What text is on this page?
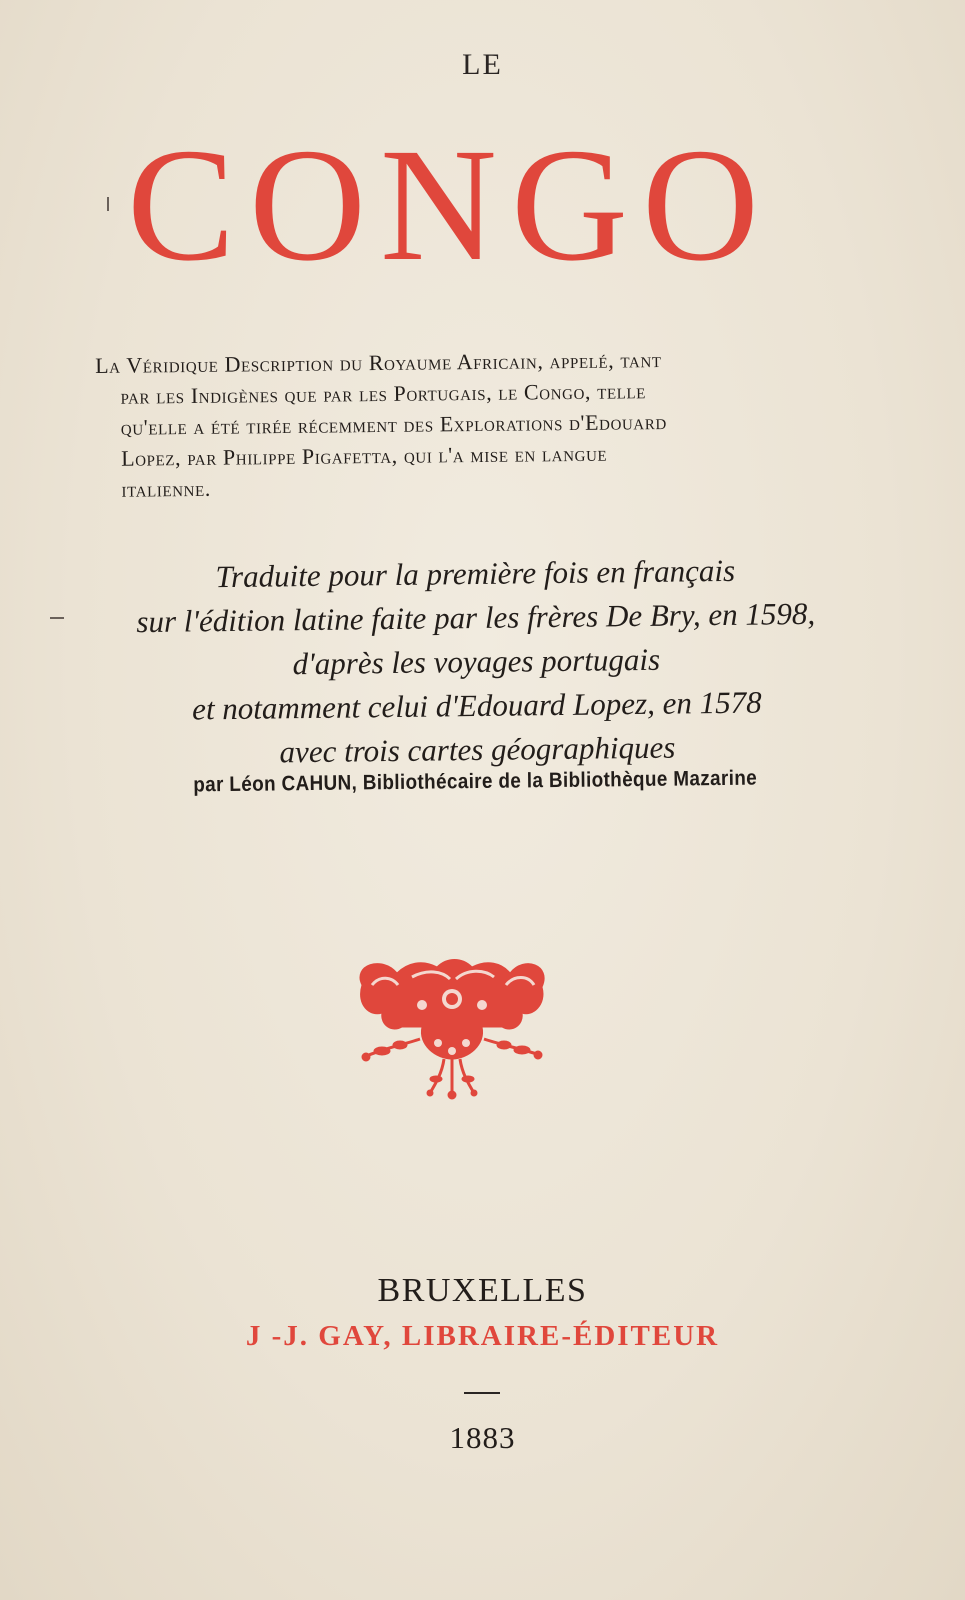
LE
CONGO
La Véridique Description du Royaume Africain, appelé, tant
par les Indigènes que par les Portugais, le Congo, telle
qu'elle a été tirée récemment des Explorations d'Edouard
Lopez, par Philippe Pigafetta, qui l'a mise en langue
italienne.
Traduite pour la première fois en français
sur l'édition latine faite par les frères De Bry, en 1598,
d'après les voyages portugais
et notamment celui d'Edouard Lopez, en 1578
avec trois cartes géographiques
par Léon CAHUN, Bibliothécaire de la Bibliothèque Mazarine
BRUXELLES
J -J. GAY, LIBRAIRE-ÉDITEUR
1883
